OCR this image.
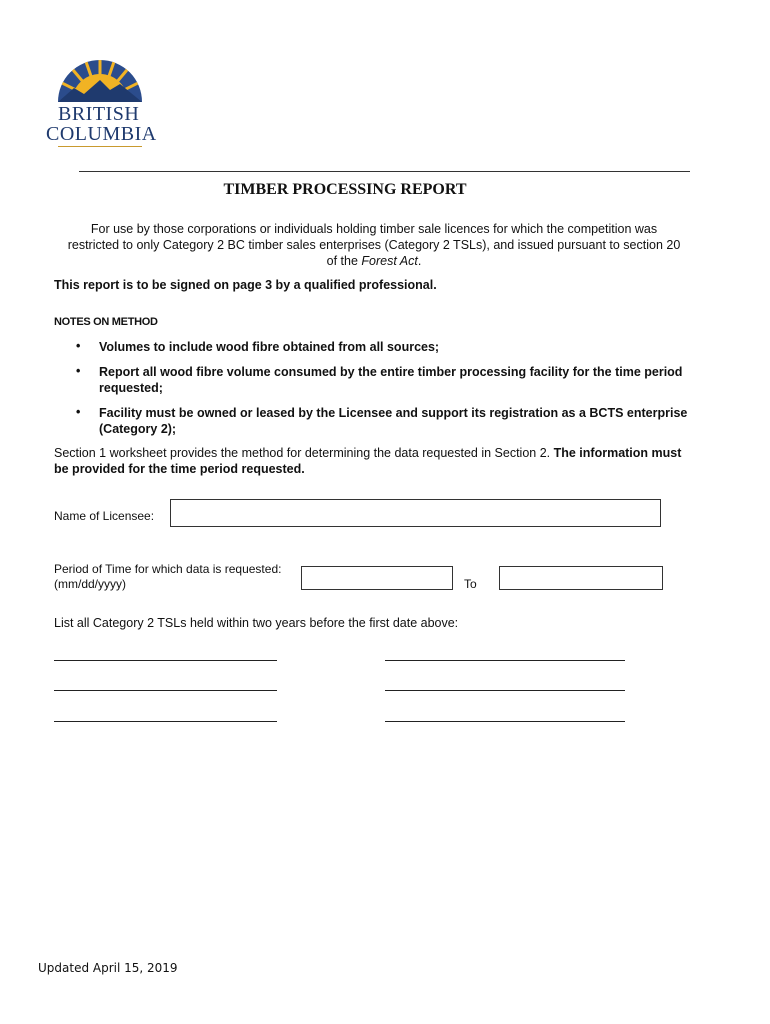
BRITISH
COLUMBIA
TIMBER PROCESSING REPORT
For use by those corporations or individuals holding timber sale licences for which the competition was restricted to only Category 2 BC timber sales enterprises (Category 2 TSLs), and issued pursuant to section 20 of the Forest Act.
This report is to be signed on page 3 by a qualified professional.
NOTES ON METHOD
• Volumes to include wood fibre obtained from all sources;
• Report all wood fibre volume consumed by the entire timber processing facility for the time period requested;
• Facility must be owned or leased by the Licensee and support its registration as a BCTS enterprise (Category 2);
Section 1 worksheet provides the method for determining the data requested in Section 2. The information must be provided for the time period requested.
Name of Licensee:
Period of Time for which data is requested:
(mm/dd/yyyy)	To
List all Category 2 TSLs held within two years before the first date above:
Updated April 15, 2019
